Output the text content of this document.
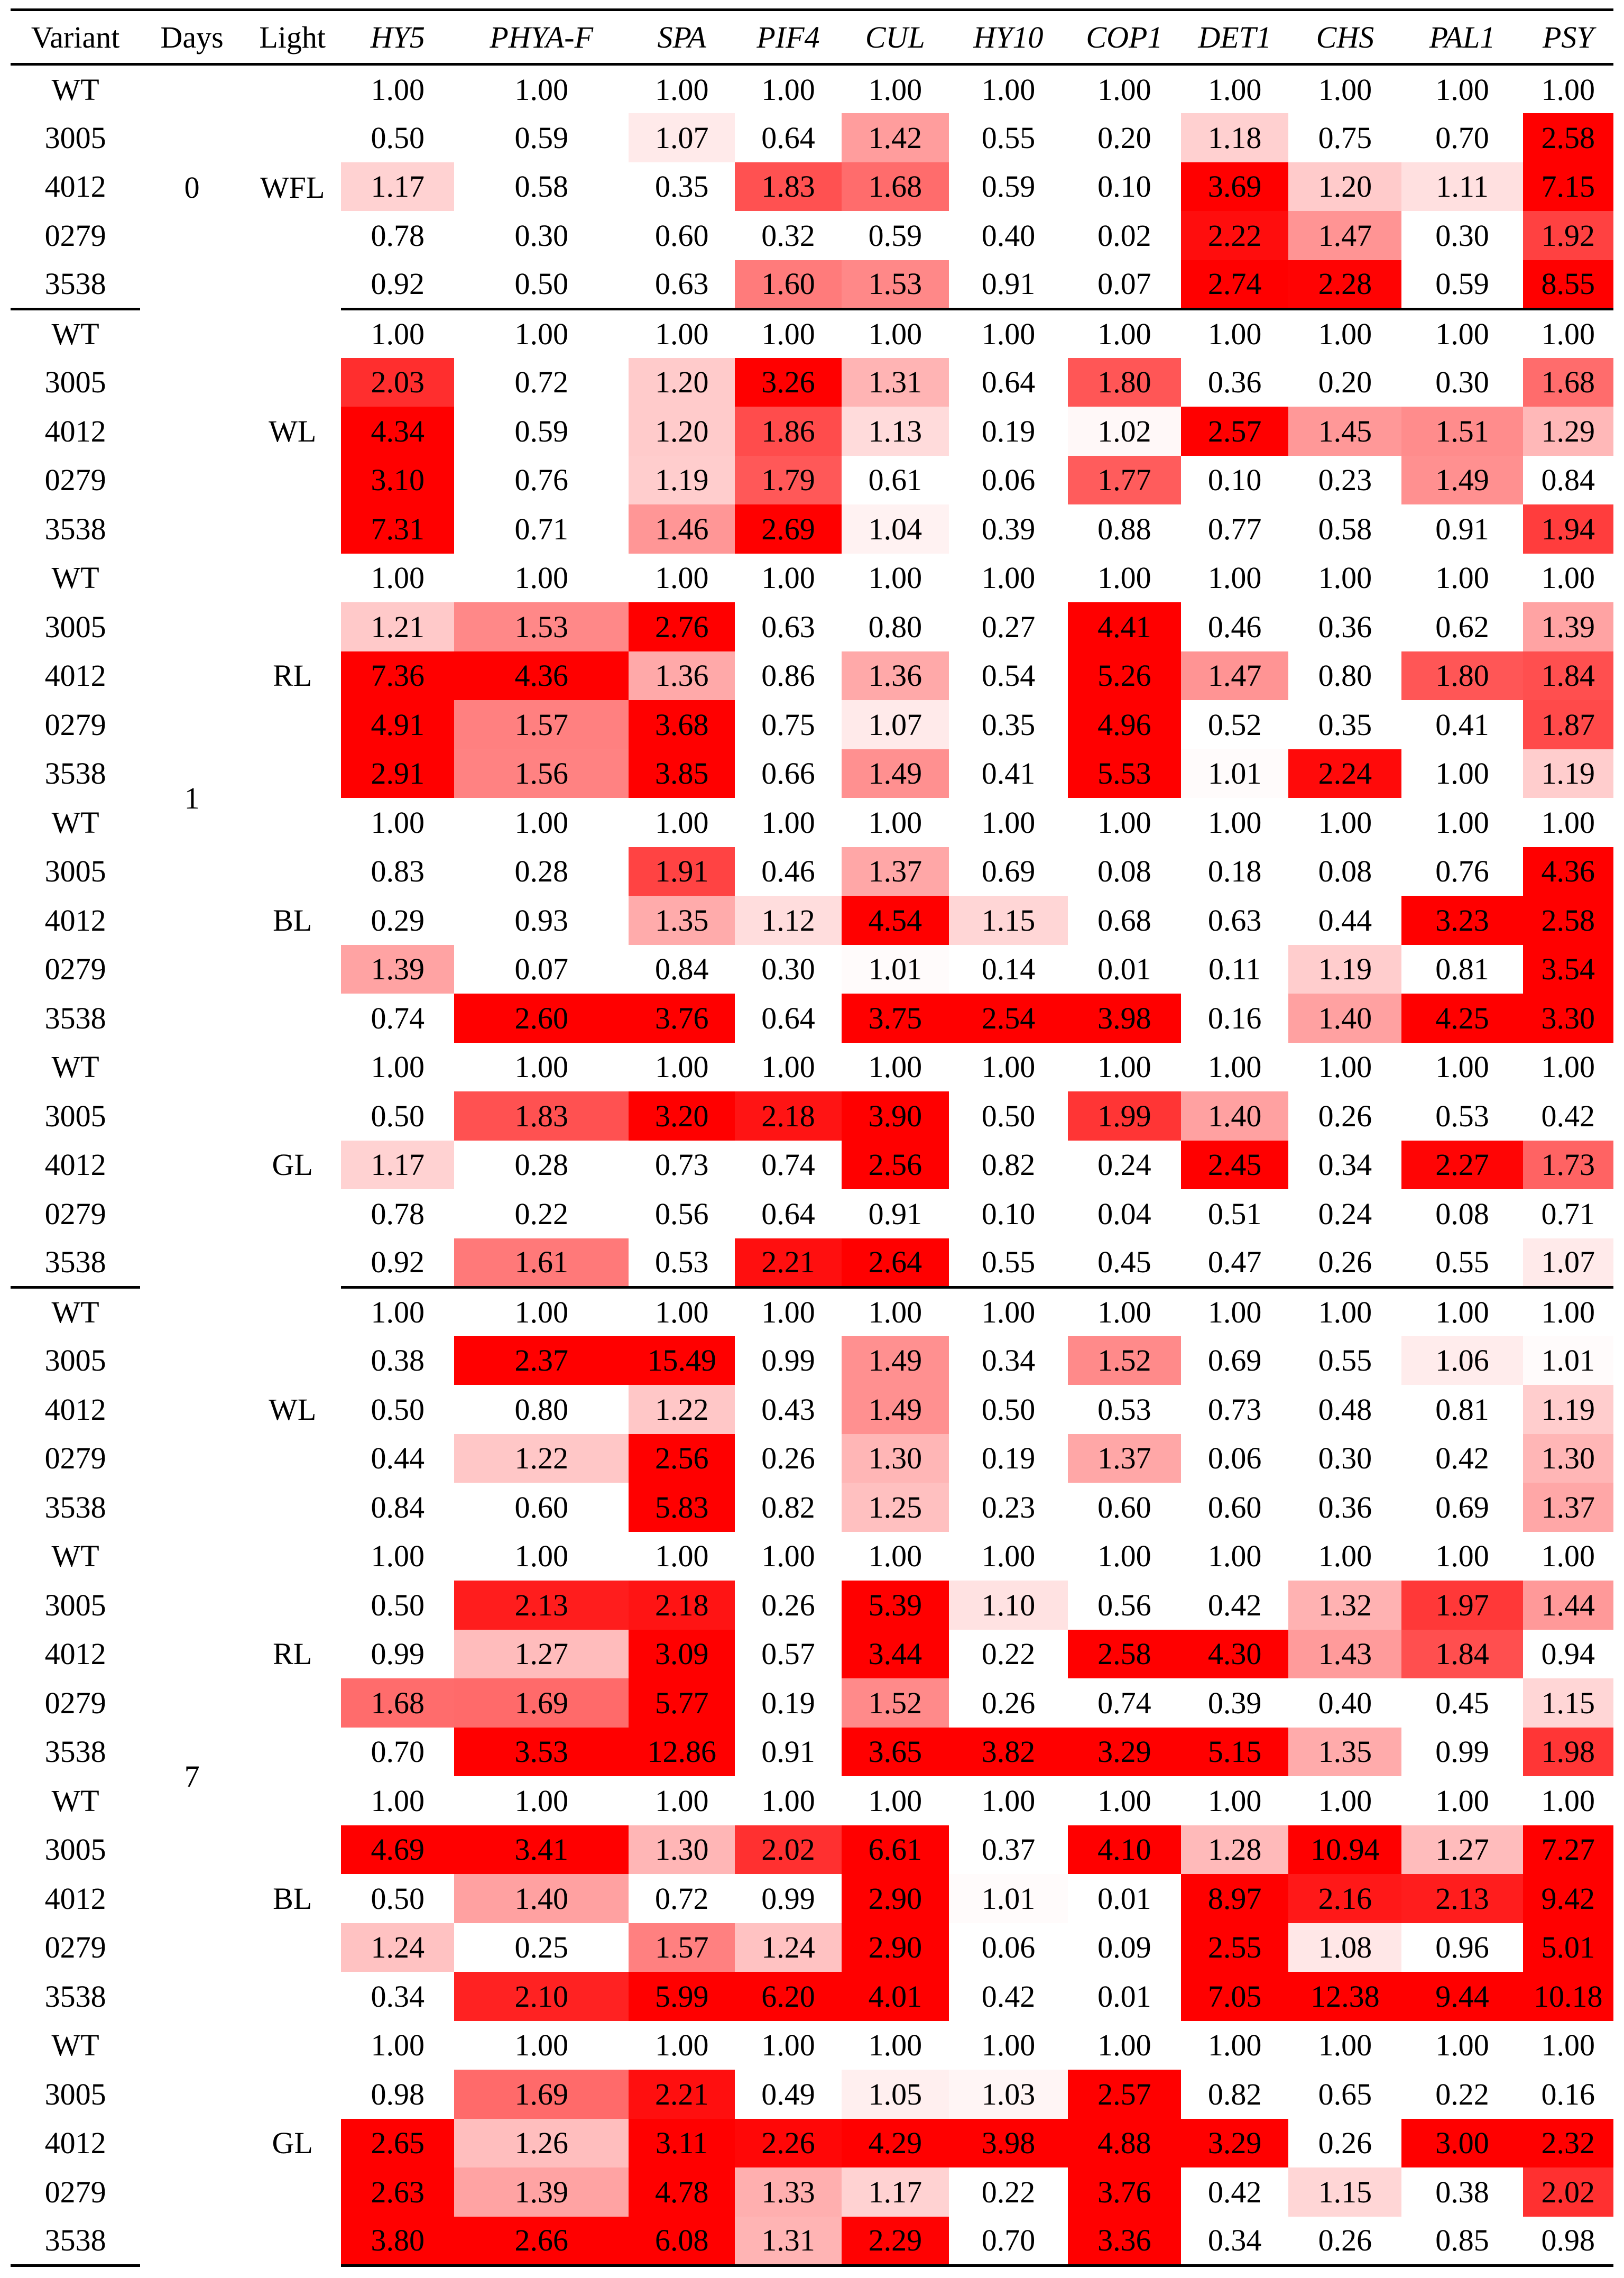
Variant	Days	Light	HY5	PHYA-F	SPA	PIF4	CUL	HY10	COP1	DET1	CHS	PAL1	PSY
WT	0	WFL	1.00	1.00	1.00	1.00	1.00	1.00	1.00	1.00	1.00	1.00	1.00
3005			0.50	0.59	1.07	0.64	1.42	0.55	0.20	1.18	0.75	0.70	2.58
4012			1.17	0.58	0.35	1.83	1.68	0.59	0.10	3.69	1.20	1.11	7.15
0279			0.78	0.30	0.60	0.32	0.59	0.40	0.02	2.22	1.47	0.30	1.92
3538			0.92	0.50	0.63	1.60	1.53	0.91	0.07	2.74	2.28	0.59	8.55
WT	1	WL	1.00	1.00	1.00	1.00	1.00	1.00	1.00	1.00	1.00	1.00	1.00
3005			2.03	0.72	1.20	3.26	1.31	0.64	1.80	0.36	0.20	0.30	1.68
4012			4.34	0.59	1.20	1.86	1.13	0.19	1.02	2.57	1.45	1.51	1.29
0279			3.10	0.76	1.19	1.79	0.61	0.06	1.77	0.10	0.23	1.49	0.84
3538			7.31	0.71	1.46	2.69	1.04	0.39	0.88	0.77	0.58	0.91	1.94
WT		RL	1.00	1.00	1.00	1.00	1.00	1.00	1.00	1.00	1.00	1.00	1.00
3005			1.21	1.53	2.76	0.63	0.80	0.27	4.41	0.46	0.36	0.62	1.39
4012			7.36	4.36	1.36	0.86	1.36	0.54	5.26	1.47	0.80	1.80	1.84
0279			4.91	1.57	3.68	0.75	1.07	0.35	4.96	0.52	0.35	0.41	1.87
3538			2.91	1.56	3.85	0.66	1.49	0.41	5.53	1.01	2.24	1.00	1.19
WT		BL	1.00	1.00	1.00	1.00	1.00	1.00	1.00	1.00	1.00	1.00	1.00
3005			0.83	0.28	1.91	0.46	1.37	0.69	0.08	0.18	0.08	0.76	4.36
4012			0.29	0.93	1.35	1.12	4.54	1.15	0.68	0.63	0.44	3.23	2.58
0279			1.39	0.07	0.84	0.30	1.01	0.14	0.01	0.11	1.19	0.81	3.54
3538			0.74	2.60	3.76	0.64	3.75	2.54	3.98	0.16	1.40	4.25	3.30
WT		GL	1.00	1.00	1.00	1.00	1.00	1.00	1.00	1.00	1.00	1.00	1.00
3005			0.50	1.83	3.20	2.18	3.90	0.50	1.99	1.40	0.26	0.53	0.42
4012			1.17	0.28	0.73	0.74	2.56	0.82	0.24	2.45	0.34	2.27	1.73
0279			0.78	0.22	0.56	0.64	0.91	0.10	0.04	0.51	0.24	0.08	0.71
3538			0.92	1.61	0.53	2.21	2.64	0.55	0.45	0.47	0.26	0.55	1.07
WT	7	WL	1.00	1.00	1.00	1.00	1.00	1.00	1.00	1.00	1.00	1.00	1.00
3005			0.38	2.37	15.49	0.99	1.49	0.34	1.52	0.69	0.55	1.06	1.01
4012			0.50	0.80	1.22	0.43	1.49	0.50	0.53	0.73	0.48	0.81	1.19
0279			0.44	1.22	2.56	0.26	1.30	0.19	1.37	0.06	0.30	0.42	1.30
3538			0.84	0.60	5.83	0.82	1.25	0.23	0.60	0.60	0.36	0.69	1.37
WT		RL	1.00	1.00	1.00	1.00	1.00	1.00	1.00	1.00	1.00	1.00	1.00
3005			0.50	2.13	2.18	0.26	5.39	1.10	0.56	0.42	1.32	1.97	1.44
4012			0.99	1.27	3.09	0.57	3.44	0.22	2.58	4.30	1.43	1.84	0.94
0279			1.68	1.69	5.77	0.19	1.52	0.26	0.74	0.39	0.40	0.45	1.15
3538			0.70	3.53	12.86	0.91	3.65	3.82	3.29	5.15	1.35	0.99	1.98
WT		BL	1.00	1.00	1.00	1.00	1.00	1.00	1.00	1.00	1.00	1.00	1.00
3005			4.69	3.41	1.30	2.02	6.61	0.37	4.10	1.28	10.94	1.27	7.27
4012			0.50	1.40	0.72	0.99	2.90	1.01	0.01	8.97	2.16	2.13	9.42
0279			1.24	0.25	1.57	1.24	2.90	0.06	0.09	2.55	1.08	0.96	5.01
3538			0.34	2.10	5.99	6.20	4.01	0.42	0.01	7.05	12.38	9.44	10.18
WT		GL	1.00	1.00	1.00	1.00	1.00	1.00	1.00	1.00	1.00	1.00	1.00
3005			0.98	1.69	2.21	0.49	1.05	1.03	2.57	0.82	0.65	0.22	0.16
4012			2.65	1.26	3.11	2.26	4.29	3.98	4.88	3.29	0.26	3.00	2.32
0279			2.63	1.39	4.78	1.33	1.17	0.22	3.76	0.42	1.15	0.38	2.02
3538			3.80	2.66	6.08	1.31	2.29	0.70	3.36	0.34	0.26	0.85	0.98
